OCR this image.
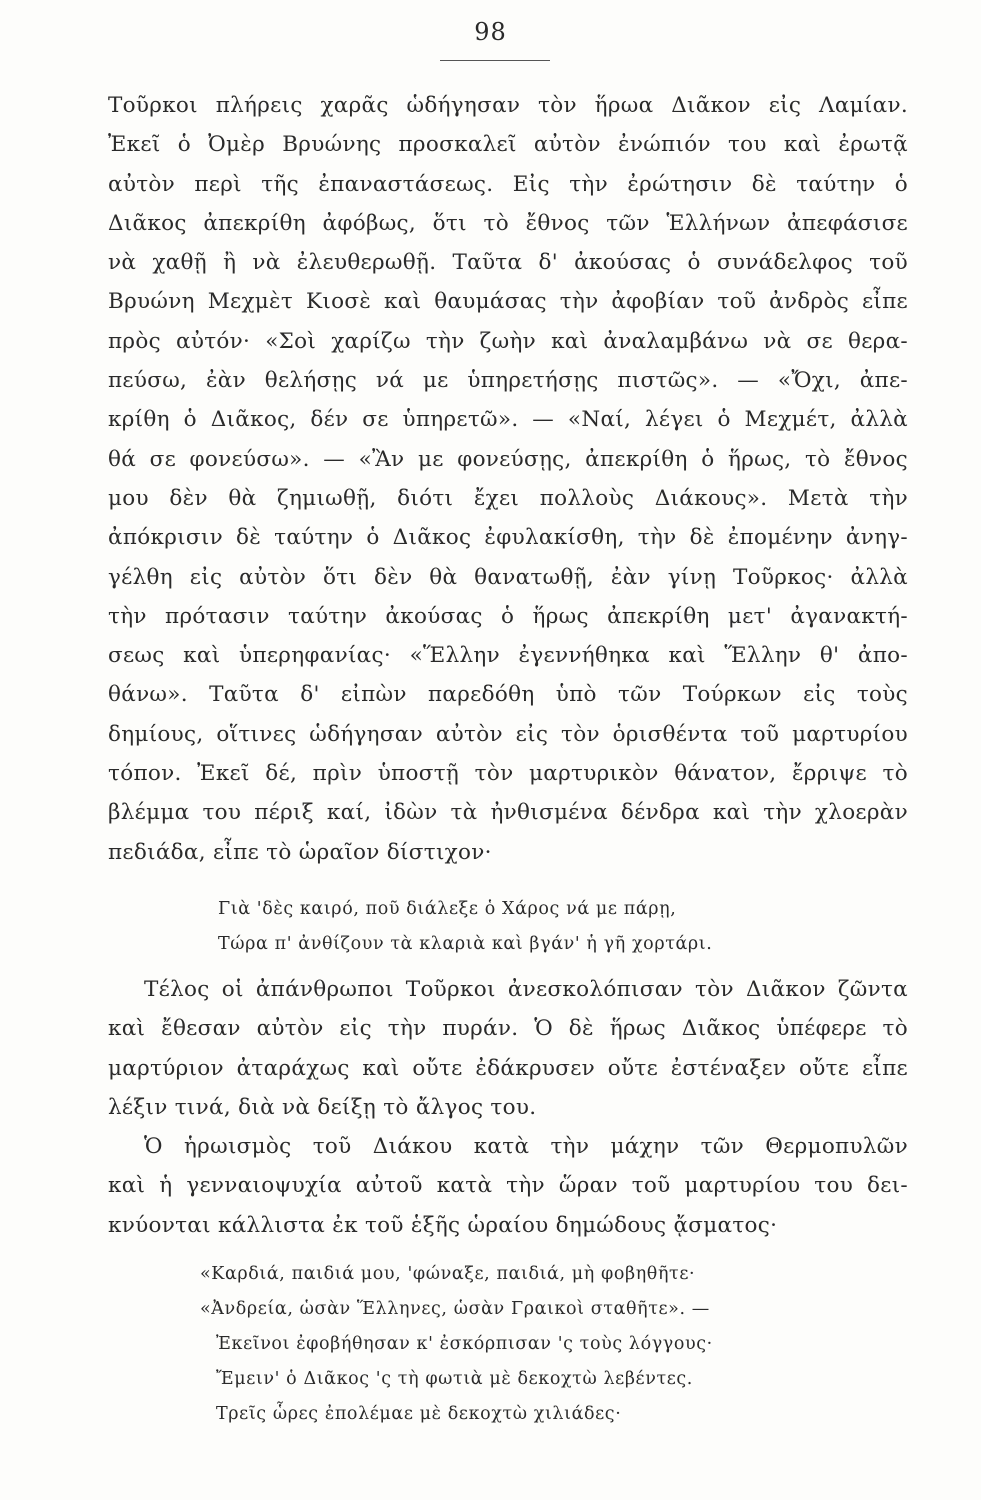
98
Τοῦρκοι πλήρεις χαρᾶς ὡδήγησαν τὸν ἥρωα Διᾶκον εἰς Λαμίαν.
Ἐκεῖ ὁ Ὀμὲρ Βρυώνης προσκαλεῖ αὐτὸν ἐνώπιόν του καὶ ἐρωτᾷ
αὐτὸν περὶ τῆς ἐπαναστάσεως. Εἰς τὴν ἐρώτησιν δὲ ταύτην ὁ
Διᾶκος ἀπεκρίθη ἀφόβως, ὅτι τὸ ἔθνος τῶν Ἑλλήνων ἀπεφάσισε
νὰ χαθῇ ἢ νὰ ἐλευθερωθῇ. Ταῦτα δ' ἀκούσας ὁ συνάδελφος τοῦ
Βρυώνη Μεχμὲτ Κιοσὲ καὶ θαυμάσας τὴν ἀφοβίαν τοῦ ἀνδρὸς εἶπε
πρὸς αὐτόν· «Σοὶ χαρίζω τὴν ζωὴν καὶ ἀναλαμβάνω νὰ σε θερα-
πεύσω, ἐὰν θελήσῃς νά με ὑπηρετήσῃς πιστῶς». — «Ὄχι, ἀπε-
κρίθη ὁ Διᾶκος, δέν σε ὑπηρετῶ». — «Ναί, λέγει ὁ Μεχμέτ, ἀλλὰ
θά σε φονεύσω». — «Ἂν με φονεύσῃς, ἀπεκρίθη ὁ ἥρως, τὸ ἔθνος
μου δὲν θὰ ζημιωθῇ, διότι ἔχει πολλοὺς Διάκους». Μετὰ τὴν
ἀπόκρισιν δὲ ταύτην ὁ Διᾶκος ἐφυλακίσθη, τὴν δὲ ἐπομένην ἀνηγ-
γέλθη εἰς αὐτὸν ὅτι δὲν θὰ θανατωθῇ, ἐὰν γίνῃ Τοῦρκος· ἀλλὰ
τὴν πρότασιν ταύτην ἀκούσας ὁ ἥρως ἀπεκρίθη μετ' ἀγανακτή-
σεως καὶ ὑπερηφανίας· «Ἕλλην ἐγεννήθηκα καὶ Ἕλλην θ' ἀπο-
θάνω». Ταῦτα δ' εἰπὼν παρεδόθη ὑπὸ τῶν Τούρκων εἰς τοὺς
δημίους, οἵτινες ὡδήγησαν αὐτὸν εἰς τὸν ὁρισθέντα τοῦ μαρτυρίου
τόπον. Ἐκεῖ δέ, πρὶν ὑποστῇ τὸν μαρτυρικὸν θάνατον, ἔρριψε τὸ
βλέμμα του πέριξ καί, ἰδὼν τὰ ἠνθισμένα δένδρα καὶ τὴν χλοερὰν
πεδιάδα, εἶπε τὸ ὡραῖον δίστιχον·
Γιὰ 'δὲς καιρό, ποῦ διάλεξε ὁ Χάρος νά με πάρῃ,
Τώρα π' ἀνθίζουν τὰ κλαριὰ καὶ βγάν' ἡ γῆ χορτάρι.
Τέλος οἱ ἀπάνθρωποι Τοῦρκοι ἀνεσκολόπισαν τὸν Διᾶκον ζῶντα
καὶ ἔθεσαν αὐτὸν εἰς τὴν πυράν. Ὁ δὲ ἥρως Διᾶκος ὑπέφερε τὸ
μαρτύριον ἀταράχως καὶ οὔτε ἐδάκρυσεν οὔτε ἐστέναξεν οὔτε εἶπε
λέξιν τινά, διὰ νὰ δείξῃ τὸ ἄλγος του.
Ὁ ἡρωισμὸς τοῦ Διάκου κατὰ τὴν μάχην τῶν Θερμοπυλῶν
καὶ ἡ γενναιοψυχία αὐτοῦ κατὰ τὴν ὥραν τοῦ μαρτυρίου του δει-
κνύονται κάλλιστα ἐκ τοῦ ἑξῆς ὡραίου δημώδους ᾄσματος·
«Καρδιά, παιδιά μου, 'φώναξε, παιδιά, μὴ φοβηθῆτε·
«Ἀνδρεία, ὡσὰν Ἕλληνες, ὡσὰν Γραικοὶ σταθῆτε». —
Ἐκεῖνοι ἐφοβήθησαν κ' ἐσκόρπισαν 'ς τοὺς λόγγους·
Ἔμειν' ὁ Διᾶκος 'ς τὴ φωτιὰ μὲ δεκοχτὼ λεβέντες.
Τρεῖς ὧρες ἐπολέμαε μὲ δεκοχτὼ χιλιάδες·
